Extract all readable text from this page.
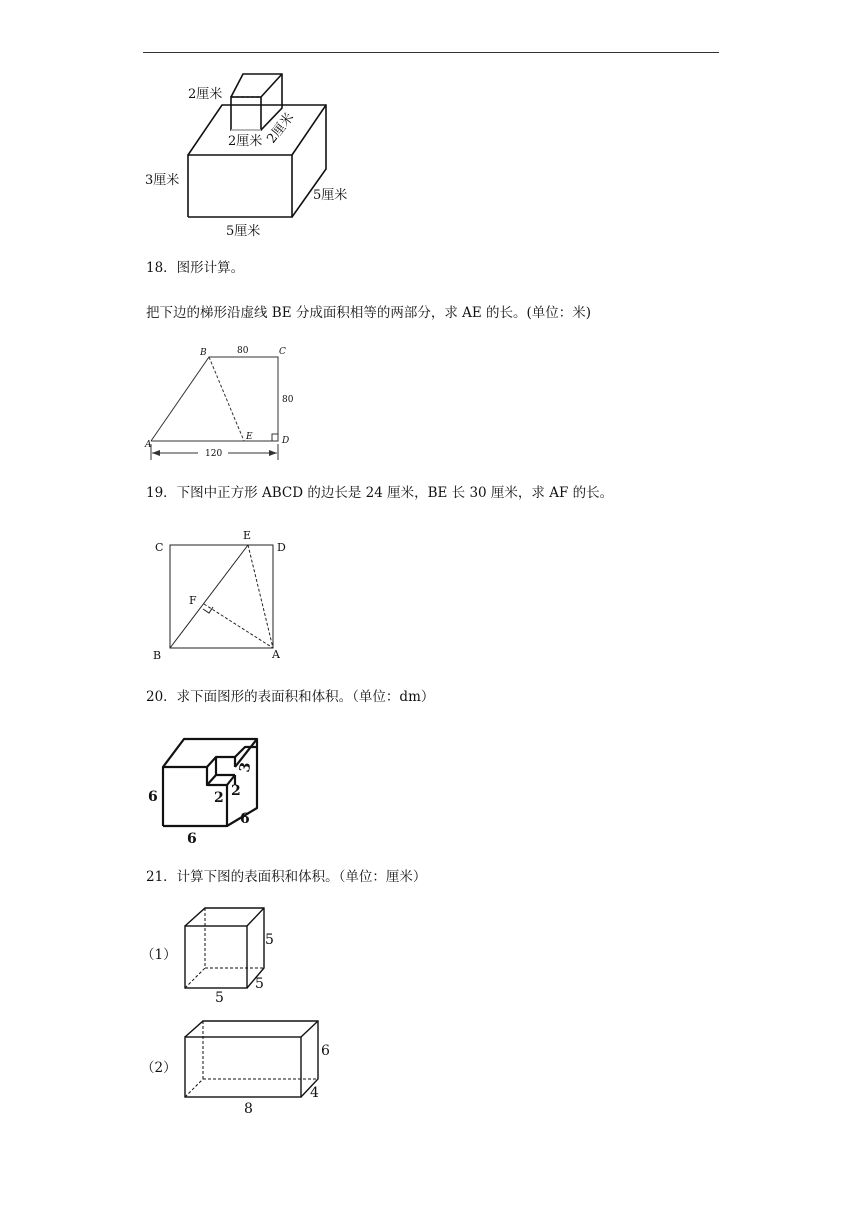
2厘米
2厘米 2厘米
3厘米
5厘米
5厘米
18．图形计算。
把下边的梯形沿虚线 BE 分成面积相等的两部分，求 AE 的长。(单位：米)
B	C
A
E	D
80
80
120
19．下图中正方形 ABCD 的边长是 24 厘米，BE 长 30 厘米，求 AF 的长。
C
E
D
F
B	A
20．求下面图形的表面积和体积。（单位：dm）
6
6
6
2 2
3
21．计算下图的表面积和体积。（单位：厘米）
（1）
5
5
5
（2）
6
4
8
